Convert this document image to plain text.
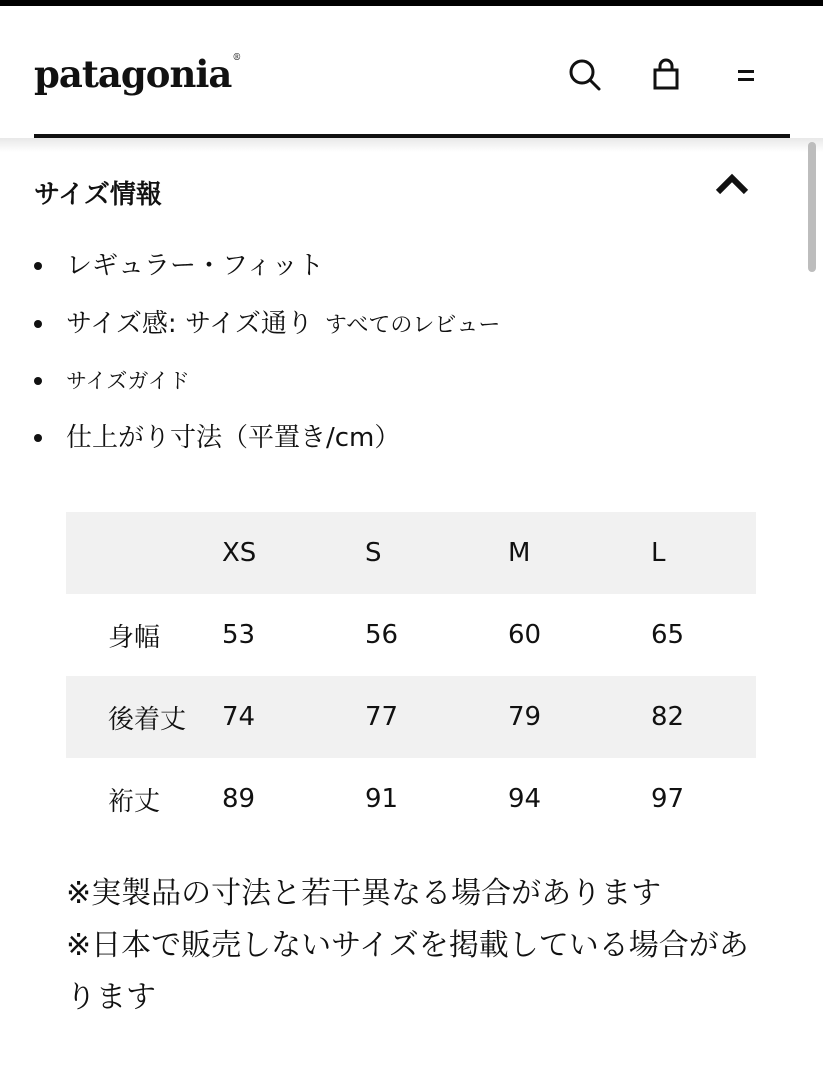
patagonia®
サイズ情報
レギュラー・フィット
サイズ感: サイズ通り すべてのレビュー
サイズガイド
仕上がり寸法（平置き/cm）
	XS	S	M	L
身幅	53	56	60	65
後着丈	74	77	79	82
裄丈	89	91	94	97

※実製品の寸法と若干異なる場合があります

※日本で販売しないサイズを掲載している場合があります
